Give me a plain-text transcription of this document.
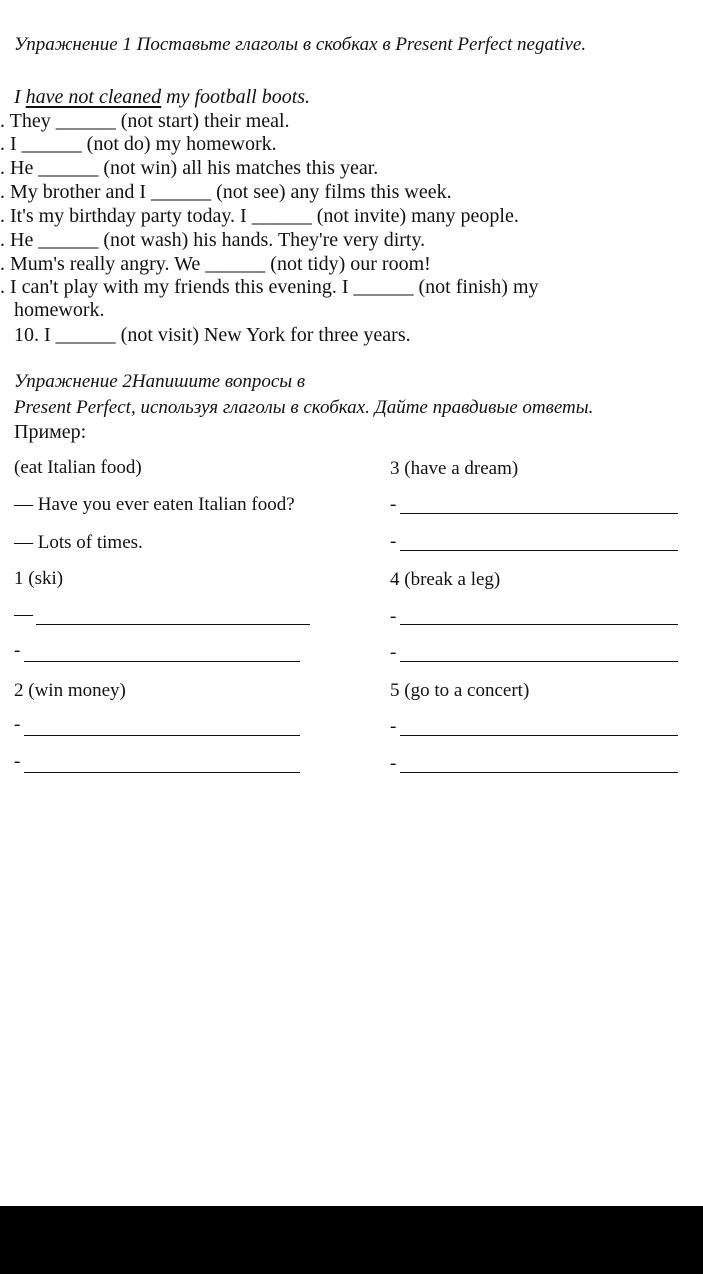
Упражнение 1 Поставьте глаголы в скобках в Present Perfect negative.
I have not cleaned my football boots.
. They ______ (not start) their meal.
. I ______ (not do) my homework.
. He ______ (not win) all his matches this year.
. My brother and I ______ (not see) any films this week.
. It's my birthday party today. I ______ (not invite) many people.
. He ______ (not wash) his hands. They're very dirty.
. Mum's really angry. We ______ (not tidy) our room!
. I can't play with my friends this evening. I ______ (not finish) my
homework.
10. I ______ (not visit) New York for three years.
Упражнение 2Напишите вопросы в
Present Perfect, используя глаголы в скобках. Дайте правдивые ответы.
Пример:
(eat Italian food)
— Have you ever eaten Italian food?
— Lots of times.
1 (ski)
—
-
2 (win money)
-
-
3 (have a dream)
-
-
4 (break a leg)
-
-
5 (go to a concert)
-
-
